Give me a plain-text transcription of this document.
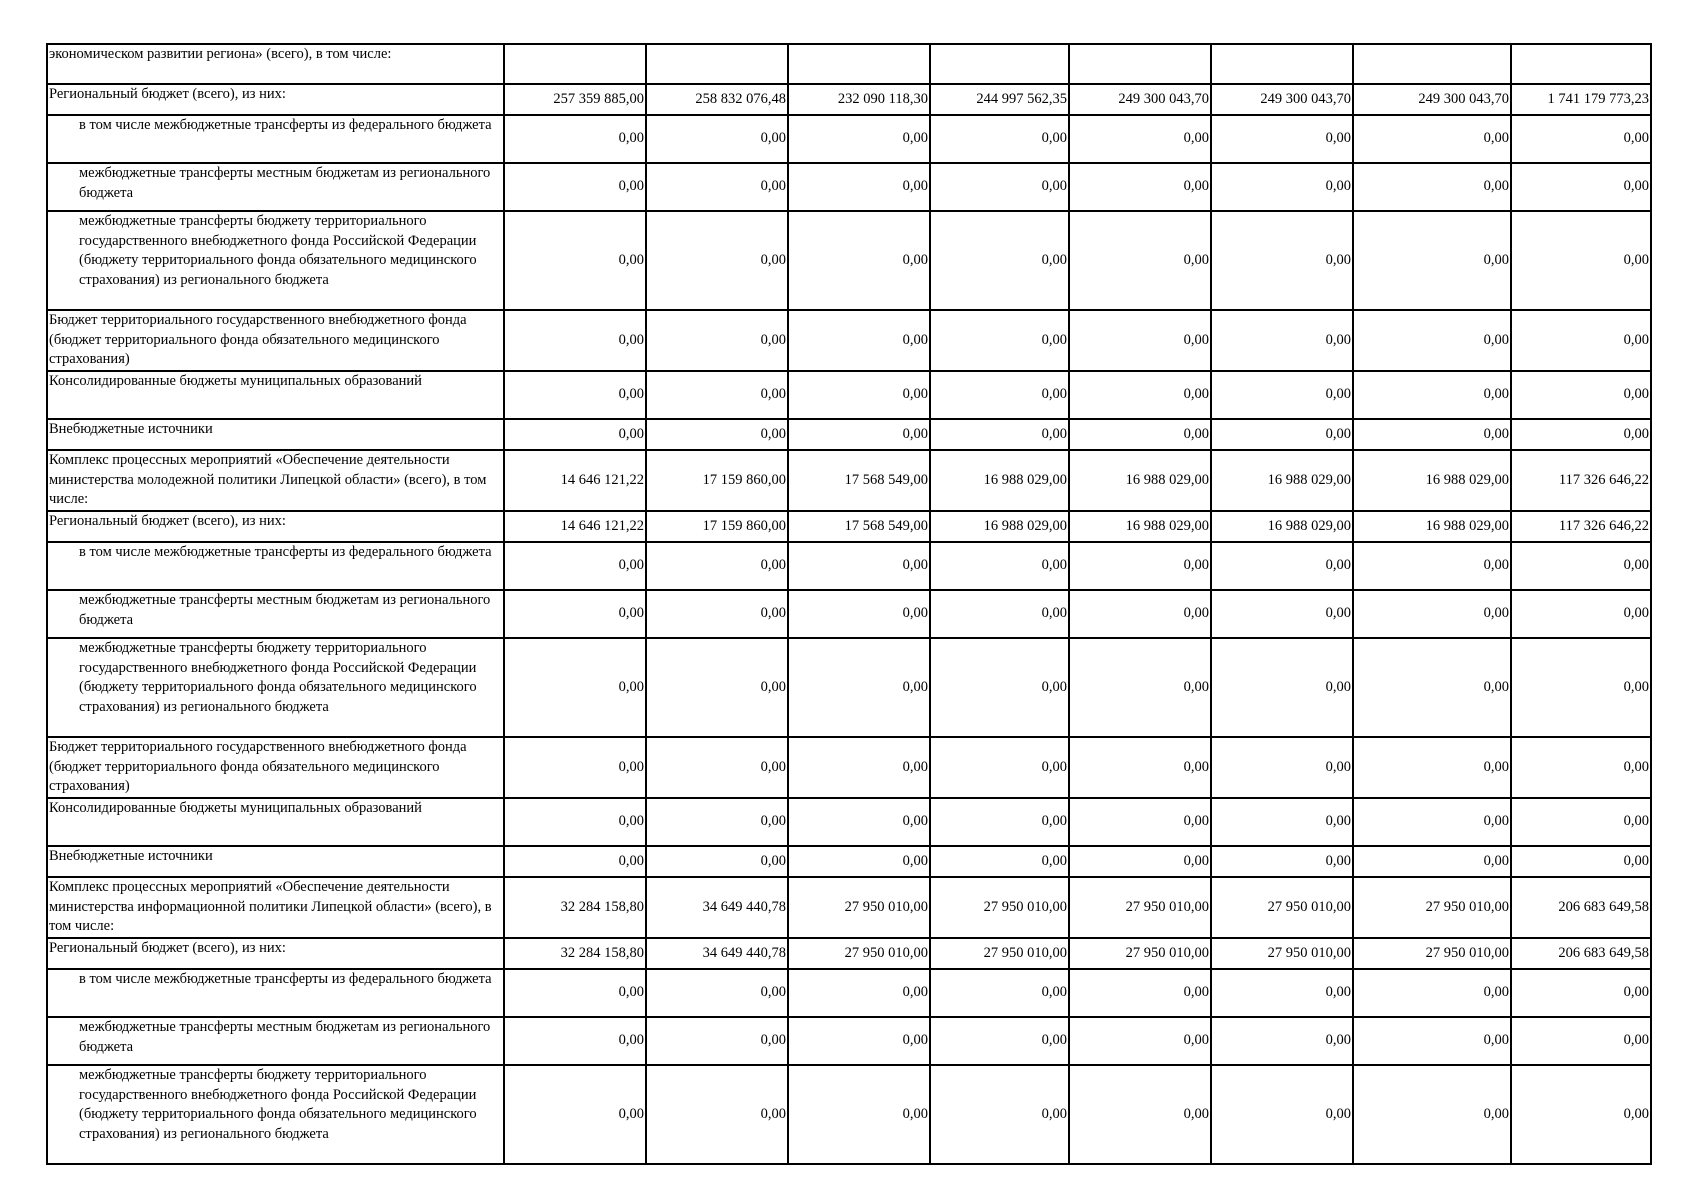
экономическом развитии региона» (всего), в том числе:								
Региональный бюджет (всего), из них:	257 359 885,00	258 832 076,48	232 090 118,30	244 997 562,35	249 300 043,70	249 300 043,70	249 300 043,70	1 741 179 773,23
в том числе межбюджетные трансферты из федерального бюджета	0,00	0,00	0,00	0,00	0,00	0,00	0,00	0,00
межбюджетные трансферты местным бюджетам из регионального бюджета	0,00	0,00	0,00	0,00	0,00	0,00	0,00	0,00
межбюджетные трансферты бюджету территориального государственного внебюджетного фонда Российской Федерации (бюджету территориального фонда обязательного медицинского страхования) из регионального бюджета	0,00	0,00	0,00	0,00	0,00	0,00	0,00	0,00
Бюджет территориального государственного внебюджетного фонда (бюджет территориального фонда обязательного медицинского страхования)	0,00	0,00	0,00	0,00	0,00	0,00	0,00	0,00
Консолидированные бюджеты муниципальных образований	0,00	0,00	0,00	0,00	0,00	0,00	0,00	0,00
Внебюджетные источники	0,00	0,00	0,00	0,00	0,00	0,00	0,00	0,00
Комплекс процессных мероприятий «Обеспечение деятельности министерства молодежной политики Липецкой области» (всего), в том числе:	14 646 121,22	17 159 860,00	17 568 549,00	16 988 029,00	16 988 029,00	16 988 029,00	16 988 029,00	117 326 646,22
Региональный бюджет (всего), из них:	14 646 121,22	17 159 860,00	17 568 549,00	16 988 029,00	16 988 029,00	16 988 029,00	16 988 029,00	117 326 646,22
в том числе межбюджетные трансферты из федерального бюджета	0,00	0,00	0,00	0,00	0,00	0,00	0,00	0,00
межбюджетные трансферты местным бюджетам из регионального бюджета	0,00	0,00	0,00	0,00	0,00	0,00	0,00	0,00
межбюджетные трансферты бюджету территориального государственного внебюджетного фонда Российской Федерации (бюджету территориального фонда обязательного медицинского страхования) из регионального бюджета	0,00	0,00	0,00	0,00	0,00	0,00	0,00	0,00
Бюджет территориального государственного внебюджетного фонда (бюджет территориального фонда обязательного медицинского страхования)	0,00	0,00	0,00	0,00	0,00	0,00	0,00	0,00
Консолидированные бюджеты муниципальных образований	0,00	0,00	0,00	0,00	0,00	0,00	0,00	0,00
Внебюджетные источники	0,00	0,00	0,00	0,00	0,00	0,00	0,00	0,00
Комплекс процессных мероприятий «Обеспечение деятельности министерства информационной политики Липецкой области» (всего), в том числе:	32 284 158,80	34 649 440,78	27 950 010,00	27 950 010,00	27 950 010,00	27 950 010,00	27 950 010,00	206 683 649,58
Региональный бюджет (всего), из них:	32 284 158,80	34 649 440,78	27 950 010,00	27 950 010,00	27 950 010,00	27 950 010,00	27 950 010,00	206 683 649,58
в том числе межбюджетные трансферты из федерального бюджета	0,00	0,00	0,00	0,00	0,00	0,00	0,00	0,00
межбюджетные трансферты местным бюджетам из регионального бюджета	0,00	0,00	0,00	0,00	0,00	0,00	0,00	0,00
межбюджетные трансферты бюджету территориального государственного внебюджетного фонда Российской Федерации (бюджету территориального фонда обязательного медицинского страхования) из регионального бюджета	0,00	0,00	0,00	0,00	0,00	0,00	0,00	0,00
